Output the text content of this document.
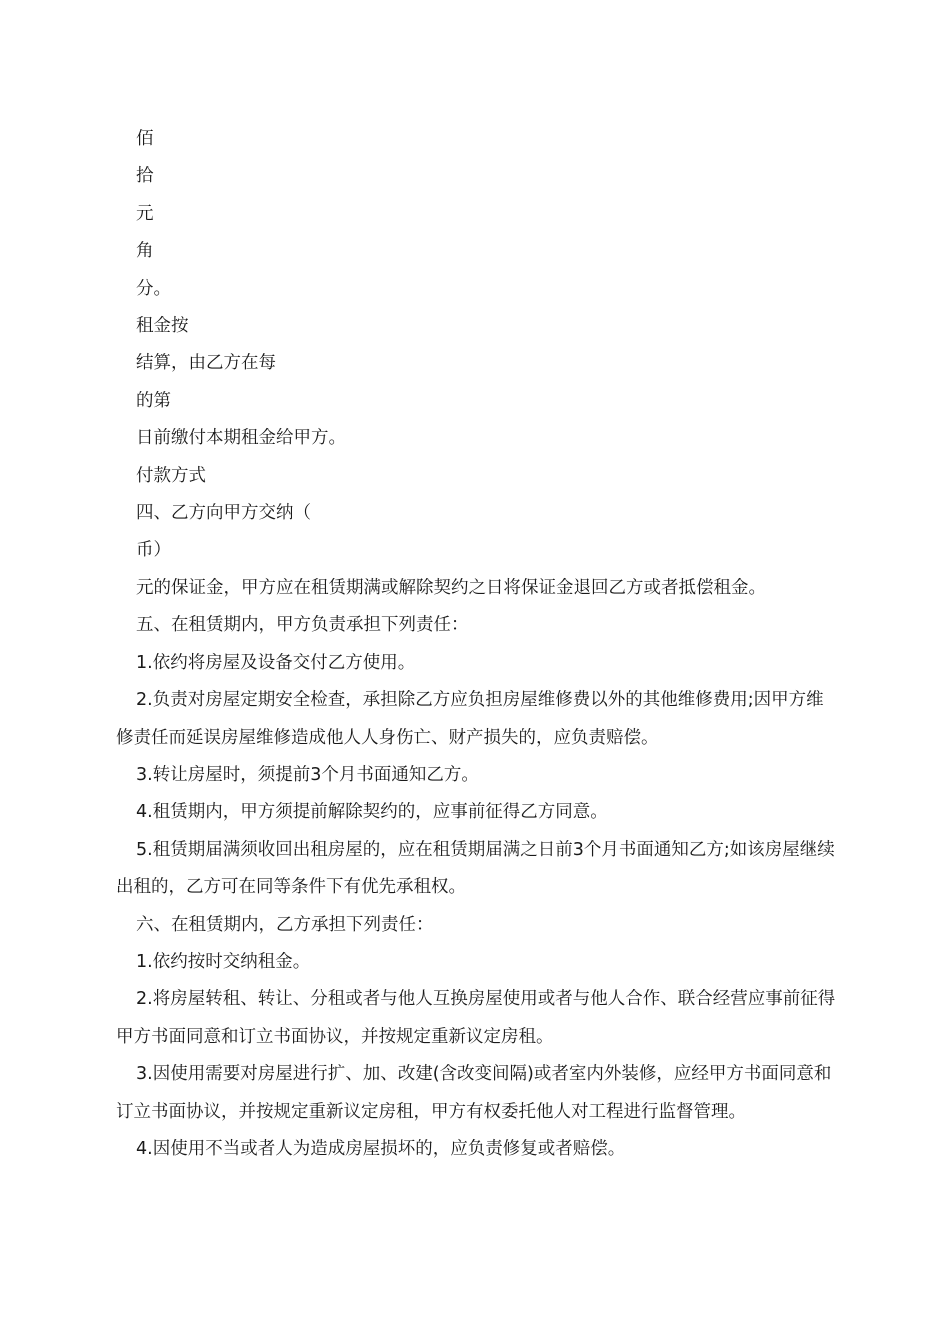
佰

拾

元

角

分。

租金按

结算，由乙方在每

的第

日前缴付本期租金给甲方。

付款方式

四、乙方向甲方交纳（

币）

元的保证金，甲方应在租赁期满或解除契约之日将保证金退回乙方或者抵偿租金。

五、在租赁期内，甲方负责承担下列责任：

1.依约将房屋及设备交付乙方使用。

2.负责对房屋定期安全检查，承担除乙方应负担房屋维修费以外的其他维修费用;因甲方维修责任而延误房屋维修造成他人人身伤亡、财产损失的，应负责赔偿。

3.转让房屋时，须提前3个月书面通知乙方。

4.租赁期内，甲方须提前解除契约的，应事前征得乙方同意。

5.租赁期届满须收回出租房屋的，应在租赁期届满之日前3个月书面通知乙方;如该房屋继续出租的，乙方可在同等条件下有优先承租权。

六、在租赁期内，乙方承担下列责任：

1.依约按时交纳租金。

2.将房屋转租、转让、分租或者与他人互换房屋使用或者与他人合作、联合经营应事前征得甲方书面同意和订立书面协议，并按规定重新议定房租。

3.因使用需要对房屋进行扩、加、改建(含改变间隔)或者室内外装修，应经甲方书面同意和订立书面协议，并按规定重新议定房租，甲方有权委托他人对工程进行监督管理。

4.因使用不当或者人为造成房屋损坏的，应负责修复或者赔偿。
